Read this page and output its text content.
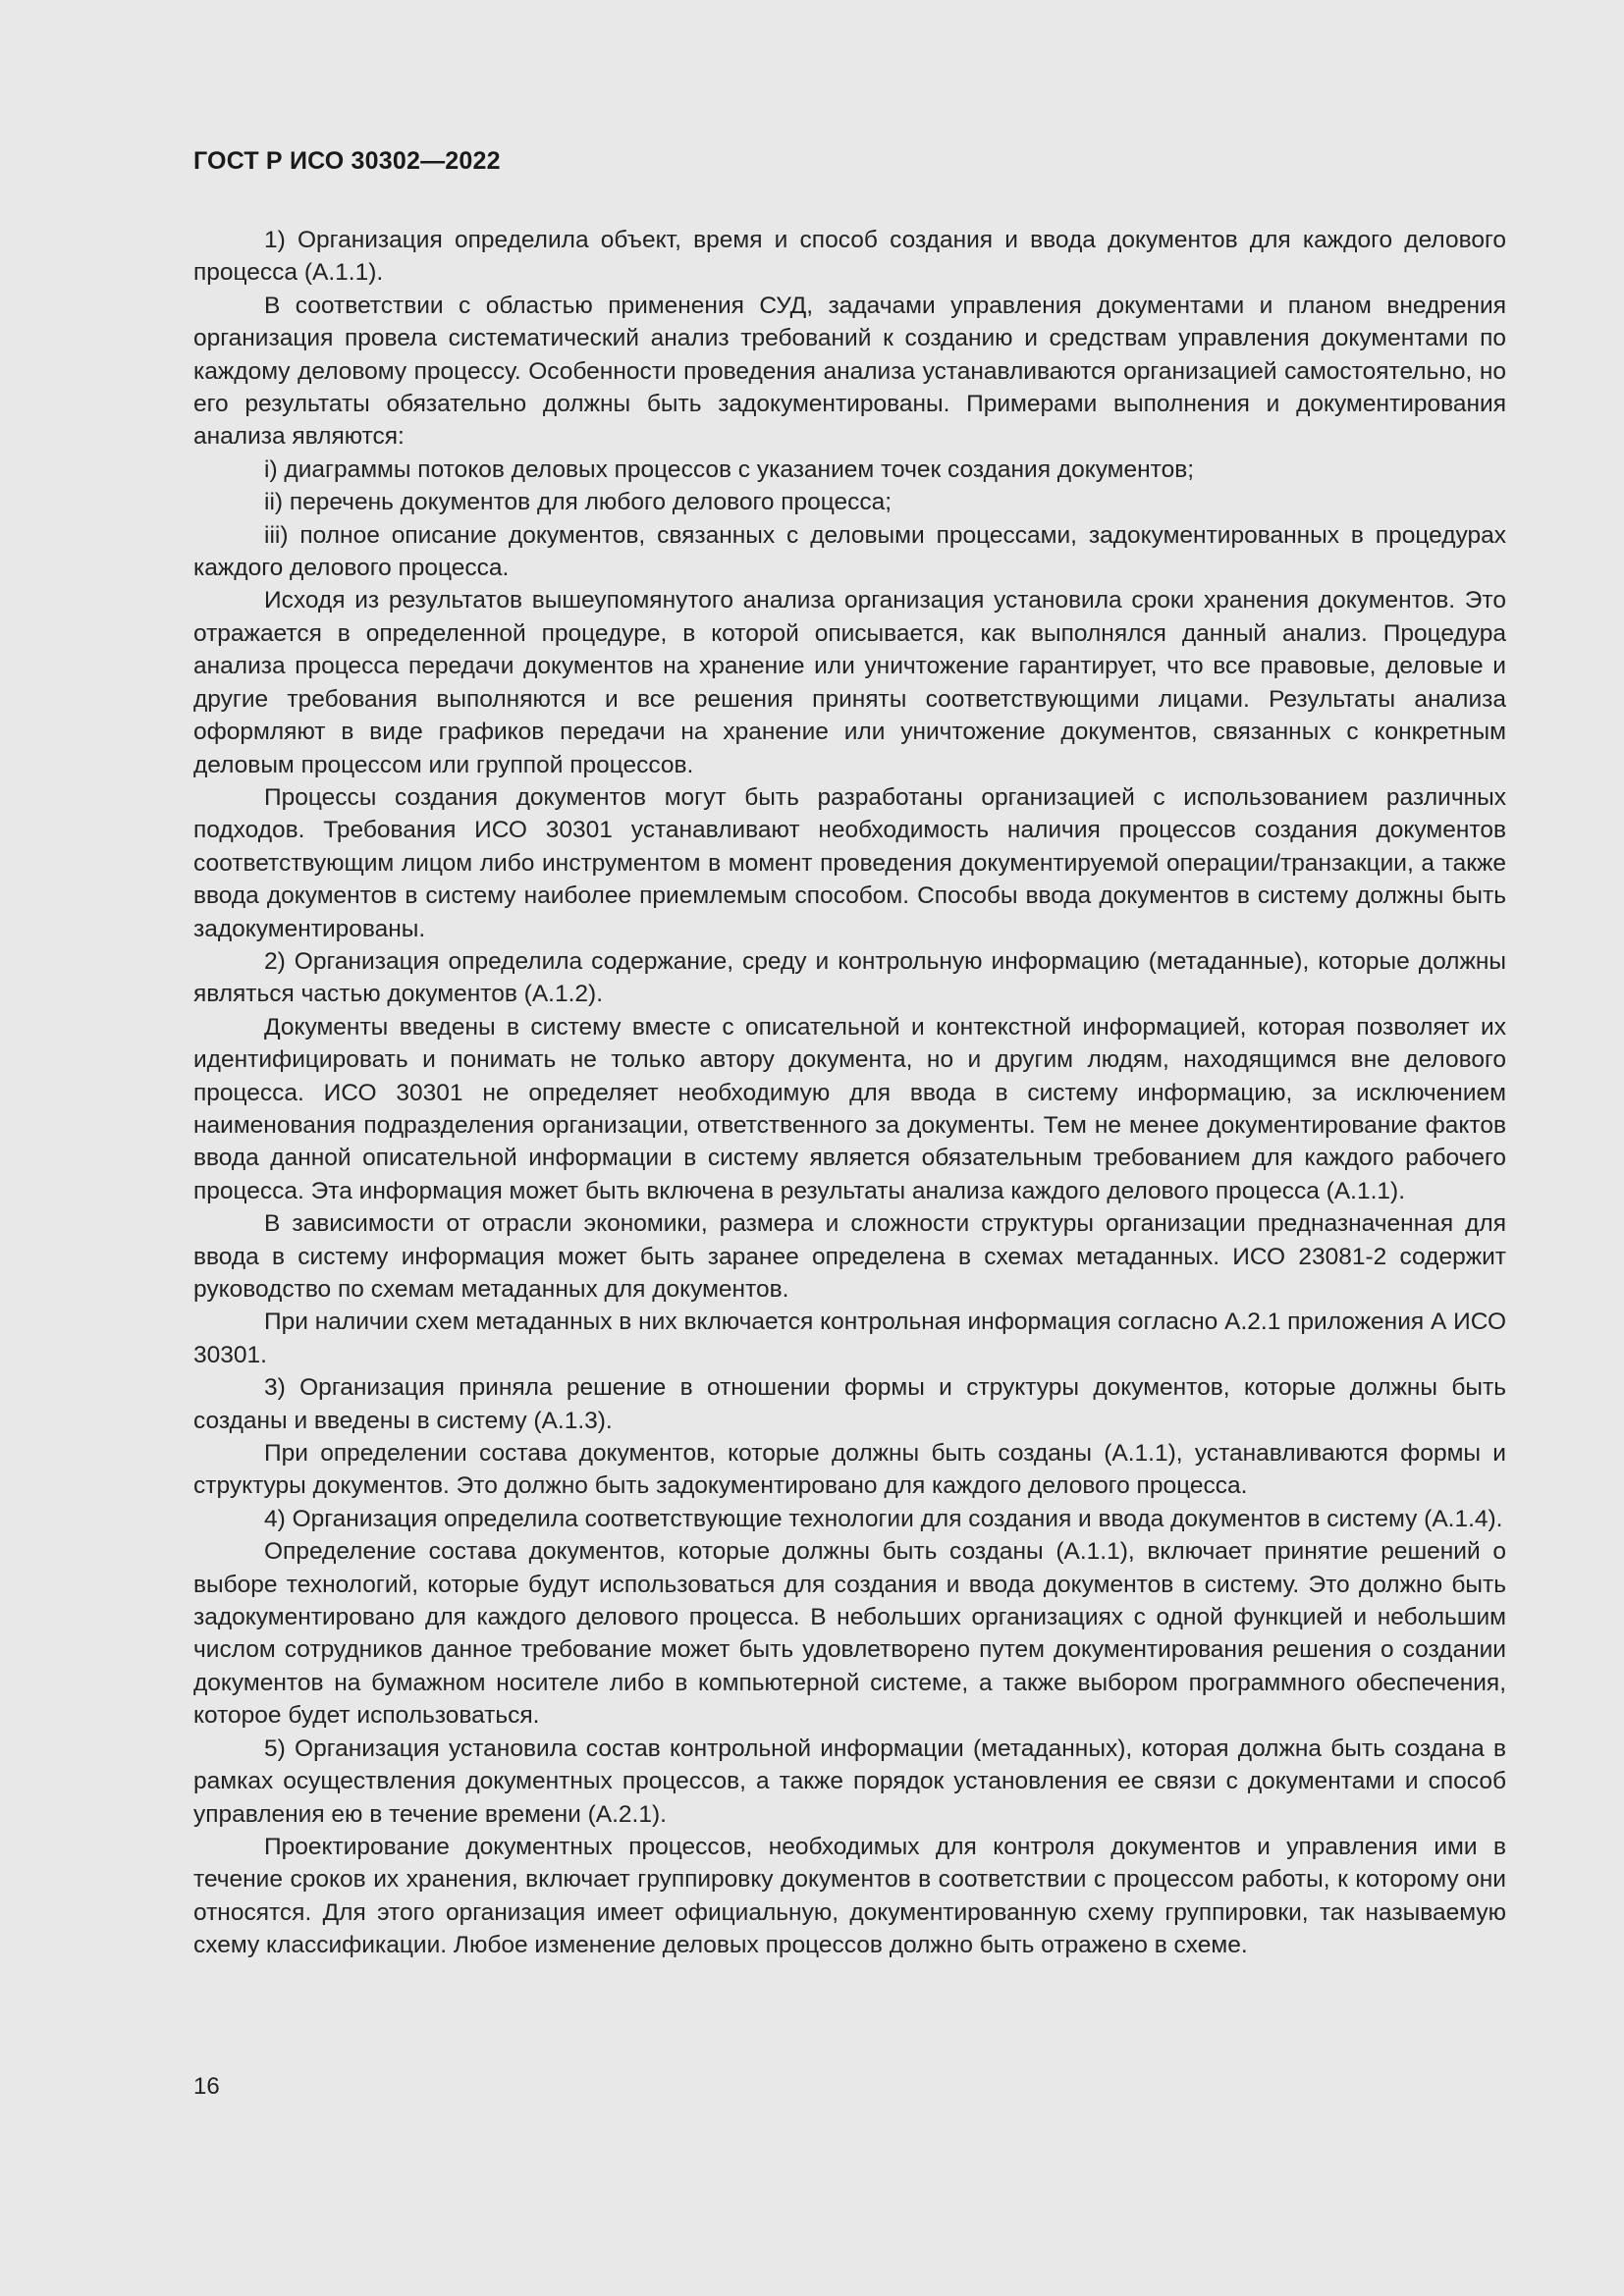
ГОСТ Р ИСО 30302—2022

1) Организация определила объект, время и способ создания и ввода документов для каждого делового процесса (А.1.1).

В соответствии с областью применения СУД, задачами управления документами и планом внедрения организация провела систематический анализ требований к созданию и средствам управления документами по каждому деловому процессу. Особенности проведения анализа устанавливаются организацией самостоятельно, но его результаты обязательно должны быть задокументированы. Примерами выполнения и документирования анализа являются:

i) диаграммы потоков деловых процессов с указанием точек создания документов;

ii) перечень документов для любого делового процесса;

iii) полное описание документов, связанных с деловыми процессами, задокументированных в процедурах каждого делового процесса.

Исходя из результатов вышеупомянутого анализа организация установила сроки хранения документов. Это отражается в определенной процедуре, в которой описывается, как выполнялся данный анализ. Процедура анализа процесса передачи документов на хранение или уничтожение гарантирует, что все правовые, деловые и другие требования выполняются и все решения приняты соответствующими лицами. Результаты анализа оформляют в виде графиков передачи на хранение или уничтожение документов, связанных с конкретным деловым процессом или группой процессов.

Процессы создания документов могут быть разработаны организацией с использованием различных подходов. Требования ИСО 30301 устанавливают необходимость наличия процессов создания документов соответствующим лицом либо инструментом в момент проведения документируемой операции/транзакции, а также ввода документов в систему наиболее приемлемым способом. Способы ввода документов в систему должны быть задокументированы.

2) Организация определила содержание, среду и контрольную информацию (метаданные), которые должны являться частью документов (А.1.2).

Документы введены в систему вместе с описательной и контекстной информацией, которая позволяет их идентифицировать и понимать не только автору документа, но и другим людям, находящимся вне делового процесса. ИСО 30301 не определяет необходимую для ввода в систему информацию, за исключением наименования подразделения организации, ответственного за документы. Тем не менее документирование фактов ввода данной описательной информации в систему является обязательным требованием для каждого рабочего процесса. Эта информация может быть включена в результаты анализа каждого делового процесса (А.1.1).

В зависимости от отрасли экономики, размера и сложности структуры организации предназначенная для ввода в систему информация может быть заранее определена в схемах метаданных. ИСО 23081-2 содержит руководство по схемам метаданных для документов.

При наличии схем метаданных в них включается контрольная информация согласно А.2.1 приложения А ИСО 30301.

3) Организация приняла решение в отношении формы и структуры документов, которые должны быть созданы и введены в систему (А.1.3).

При определении состава документов, которые должны быть созданы (А.1.1), устанавливаются формы и структуры документов. Это должно быть задокументировано для каждого делового процесса.

4) Организация определила соответствующие технологии для создания и ввода документов в систему (А.1.4).

Определение состава документов, которые должны быть созданы (А.1.1), включает принятие решений о выборе технологий, которые будут использоваться для создания и ввода документов в систему. Это должно быть задокументировано для каждого делового процесса. В небольших организациях с одной функцией и небольшим числом сотрудников данное требование может быть удовлетворено путем документирования решения о создании документов на бумажном носителе либо в компьютерной системе, а также выбором программного обеспечения, которое будет использоваться.

5) Организация установила состав контрольной информации (метаданных), которая должна быть создана в рамках осуществления документных процессов, а также порядок установления ее связи с документами и способ управления ею в течение времени (А.2.1).

Проектирование документных процессов, необходимых для контроля документов и управления ими в течение сроков их хранения, включает группировку документов в соответствии с процессом работы, к которому они относятся. Для этого организация имеет официальную, документированную схему группировки, так называемую схему классификации. Любое изменение деловых процессов должно быть отражено в схеме.

16
